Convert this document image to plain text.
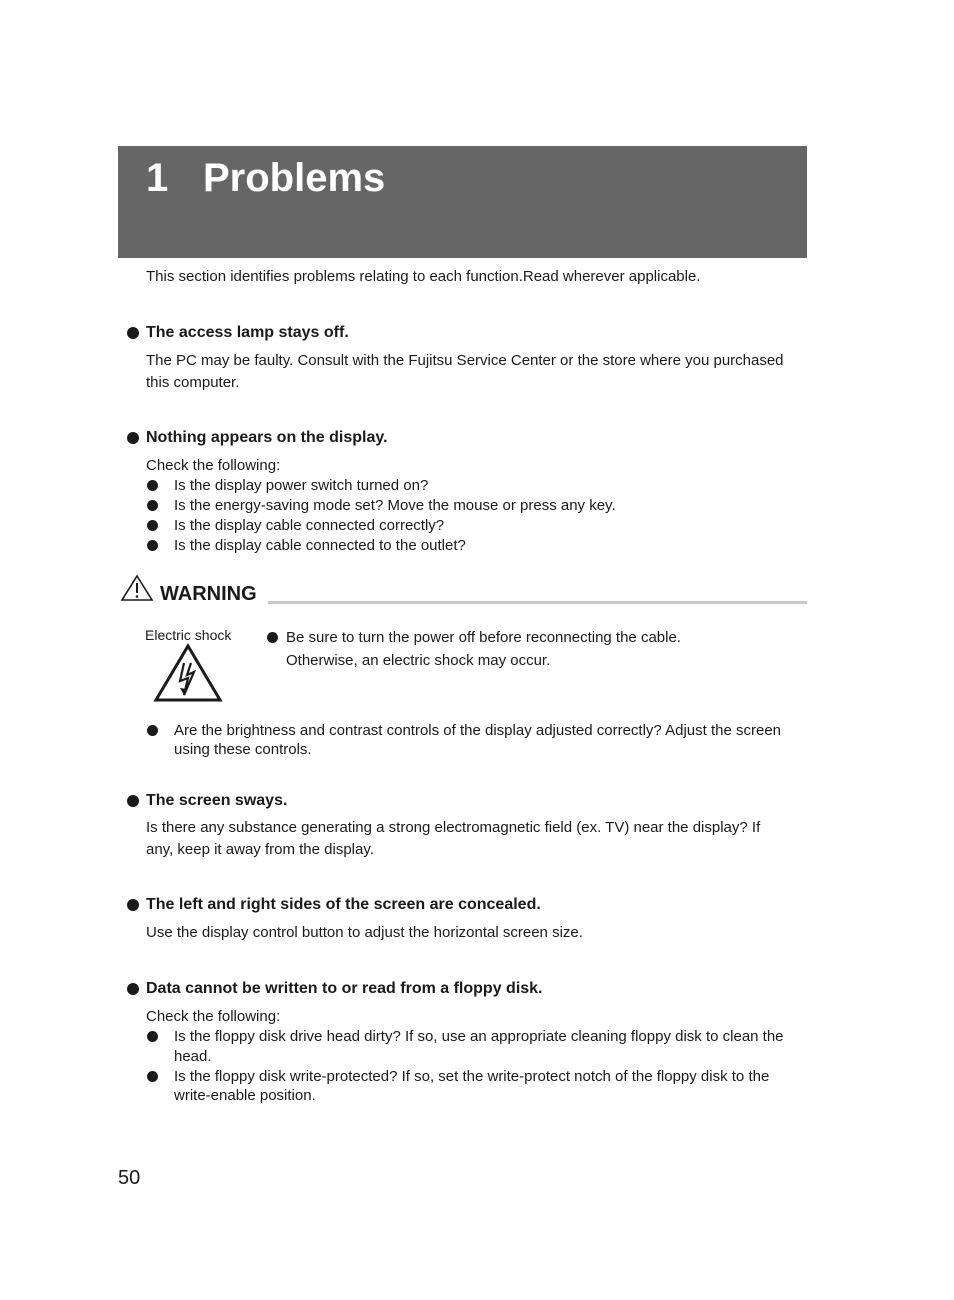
1 Problems
This section identifies problems relating to each function.Read wherever applicable.
The access lamp stays off.
The PC may be faulty. Consult with the Fujitsu Service Center or the store where you purchased
this computer.
Nothing appears on the display.
Check the following:
Is the display power switch turned on?
Is the energy-saving mode set? Move the mouse or press any key.
Is the display cable connected correctly?
Is the display cable connected to the outlet?
WARNING
Electric shock	Be sure to turn the power off before reconnecting the cable.
Otherwise, an electric shock may occur.
Are the brightness and contrast controls of the display adjusted correctly? Adjust the screen
using these controls.
The screen sways.
Is there any substance generating a strong electromagnetic field (ex. TV) near the display? If
any, keep it away from the display.
The left and right sides of the screen are concealed.
Use the display control button to adjust the horizontal screen size.
Data cannot be written to or read from a floppy disk.
Check the following:
Is the floppy disk drive head dirty? If so, use an appropriate cleaning floppy disk to clean the
head.
Is the floppy disk write-protected? If so, set the write-protect notch of the floppy disk to the
write-enable position.
50
